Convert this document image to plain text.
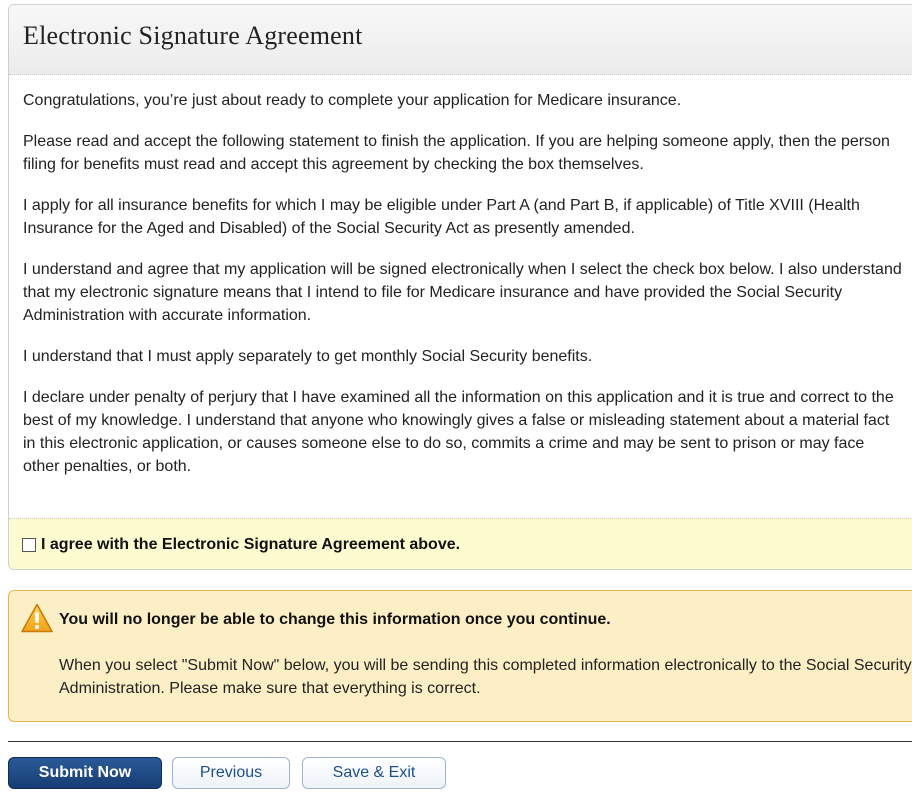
Electronic Signature Agreement

Congratulations, you’re just about ready to complete your application for Medicare insurance.

Please read and accept the following statement to finish the application. If you are helping someone apply, then the person filing for benefits must read and accept this agreement by checking the box themselves.

I apply for all insurance benefits for which I may be eligible under Part A (and Part B, if applicable) of Title XVIII (Health Insurance for the Aged and Disabled) of the Social Security Act as presently amended.

I understand and agree that my application will be signed electronically when I select the check box below. I also understand that my electronic signature means that I intend to file for Medicare insurance and have provided the Social Security Administration with accurate information.

I understand that I must apply separately to get monthly Social Security benefits.

I declare under penalty of perjury that I have examined all the information on this application and it is true and correct to the best of my knowledge. I understand that anyone who knowingly gives a false or misleading statement about a material fact in this electronic application, or causes someone else to do so, commits a crime and may be sent to prison or may face other penalties, or both.

I agree with the Electronic Signature Agreement above.
You will no longer be able to change this information once you continue.

When you select "Submit Now" below, you will be sending this completed information electronically to the Social Security Administration. Please make sure that everything is correct.

Submit Now	Previous	Save & Exit
